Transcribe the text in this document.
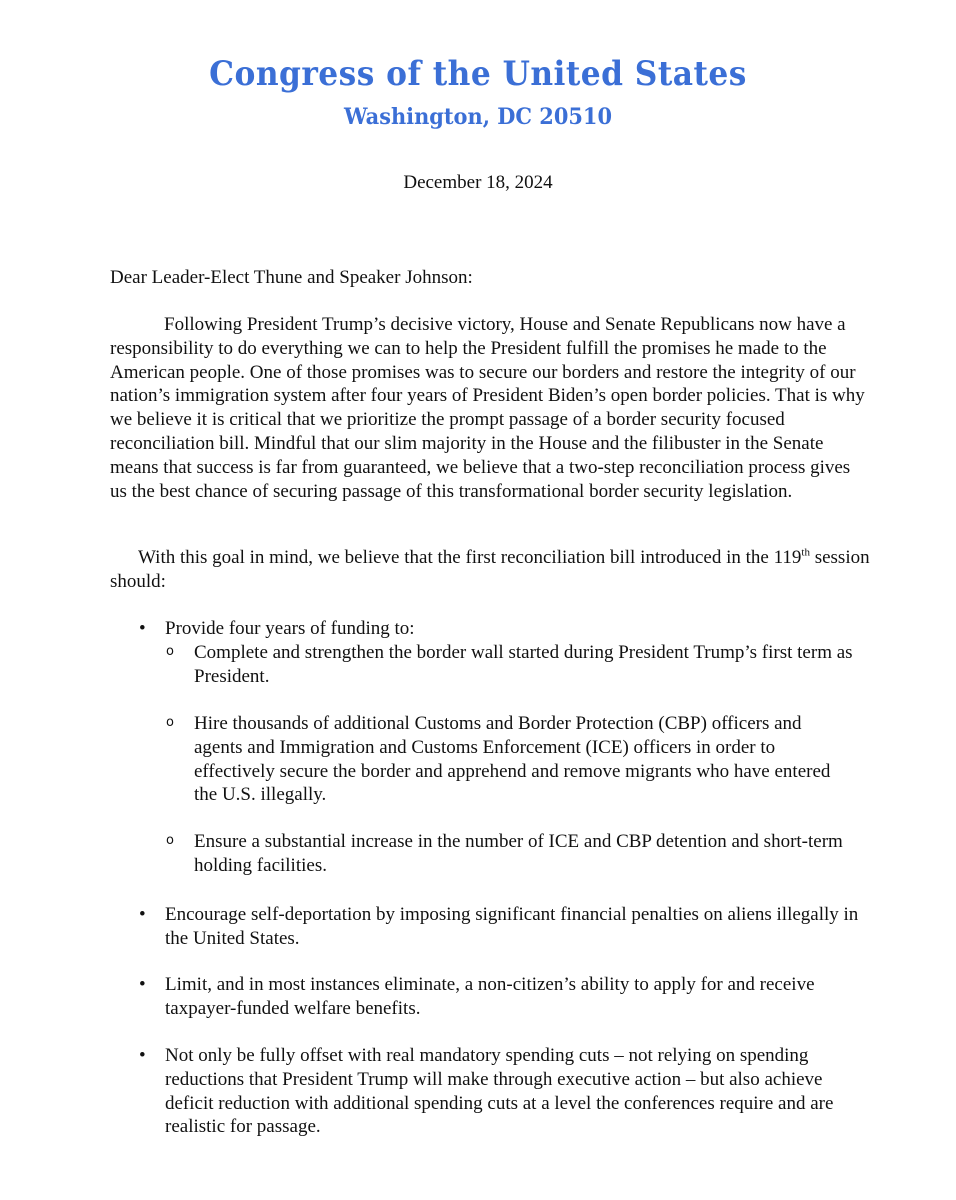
Congress of the United States
Washington, DC 20510
December 18, 2024
Dear Leader-Elect Thune and Speaker Johnson:
Following President Trump’s decisive victory, House and Senate Republicans now have a responsibility to do everything we can to help the President fulfill the promises he made to the American people. One of those promises was to secure our borders and restore the integrity of our nation’s immigration system after four years of President Biden’s open border policies. That is why we believe it is critical that we prioritize the prompt passage of a border security focused reconciliation bill. Mindful that our slim majority in the House and the filibuster in the Senate means that success is far from guaranteed, we believe that a two-step reconciliation process gives us the best chance of securing passage of this transformational border security legislation.
With this goal in mind, we believe that the first reconciliation bill introduced in the 119th session should:
• Provide four years of funding to:
o Complete and strengthen the border wall started during President Trump’s first term as President.
o Hire thousands of additional Customs and Border Protection (CBP) officers and agents and Immigration and Customs Enforcement (ICE) officers in order to effectively secure the border and apprehend and remove migrants who have entered the U.S. illegally.
o Ensure a substantial increase in the number of ICE and CBP detention and short-term holding facilities.
• Encourage self-deportation by imposing significant financial penalties on aliens illegally in the United States.
• Limit, and in most instances eliminate, a non-citizen’s ability to apply for and receive taxpayer-funded welfare benefits.
• Not only be fully offset with real mandatory spending cuts – not relying on spending reductions that President Trump will make through executive action – but also achieve deficit reduction with additional spending cuts at a level the conferences require and are realistic for passage.
